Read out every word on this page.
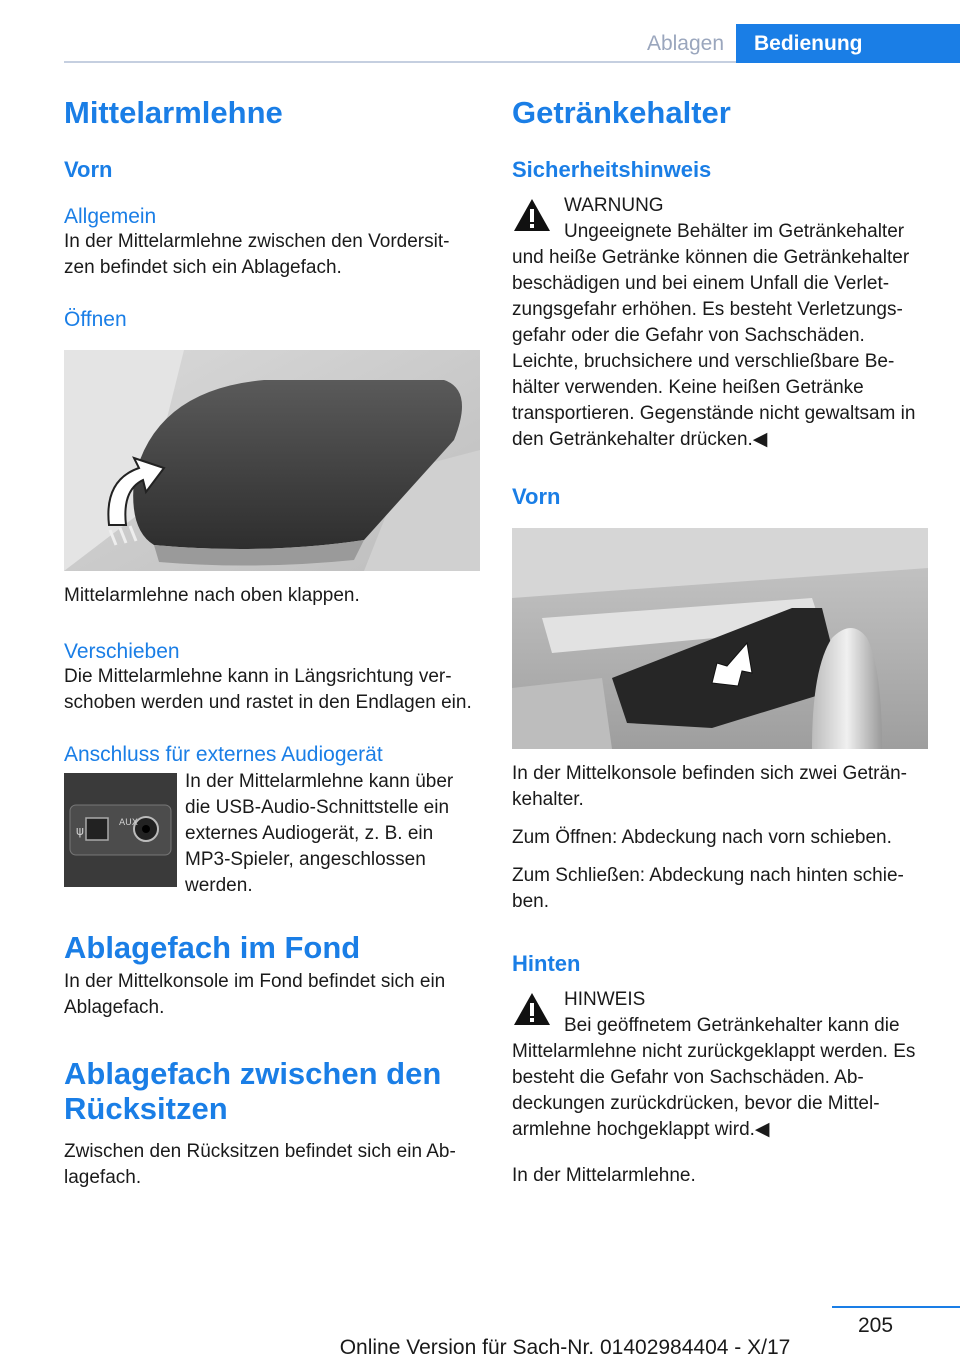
Ablagen	Bedienung
Mittelarmlehne
Vorn
Allgemein

In der Mittelarmlehne zwischen den Vordersit- zen befindet sich ein Ablagefach.

Öffnen

Mittelarmlehne nach oben klappen.

Verschieben

Die Mittelarmlehne kann in Längsrichtung ver- schoben werden und rastet in den Endlagen ein.

Anschluss für externes Audiogerät
ψ
AUX

In der Mittelarmlehne kann über die USB-Audio-Schnittstelle ein externes Audiogerät, z. B. ein MP3-Spieler, angeschlossen werden.

Ablagefach im Fond

In der Mittelkonsole im Fond befindet sich ein Ablagefach.

Ablagefach zwischen den Rücksitzen

Zwischen den Rücksitzen befindet sich ein Ab- lagefach.

Getränkehalter
Sicherheitshinweis
WARNUNG

Ungeeignete Behälter im Getränkehalter

und heiße Getränke können die Getränkehalter beschädigen und bei einem Unfall die Verlet- zungsgefahr erhöhen. Es besteht Verletzungs- gefahr oder die Gefahr von Sachschäden. Leichte, bruchsichere und verschließbare Be- hälter verwenden. Keine heißen Getränke transportieren. Gegenstände nicht gewaltsam in den Getränkehalter drücken.◀

Vorn

In der Mittelkonsole befinden sich zwei Geträn- kehalter.

Zum Öffnen: Abdeckung nach vorn schieben.

Zum Schließen: Abdeckung nach hinten schie- ben.

Hinten
HINWEIS

Bei geöffnetem Getränkehalter kann die

Mittelarmlehne nicht zurückgeklappt werden. Es besteht die Gefahr von Sachschäden. Ab- deckungen zurückdrücken, bevor die Mittel- armlehne hochgeklappt wird.◀

In der Mittelarmlehne.

205
Online Version für Sach-Nr. 01402984404 - X/17
